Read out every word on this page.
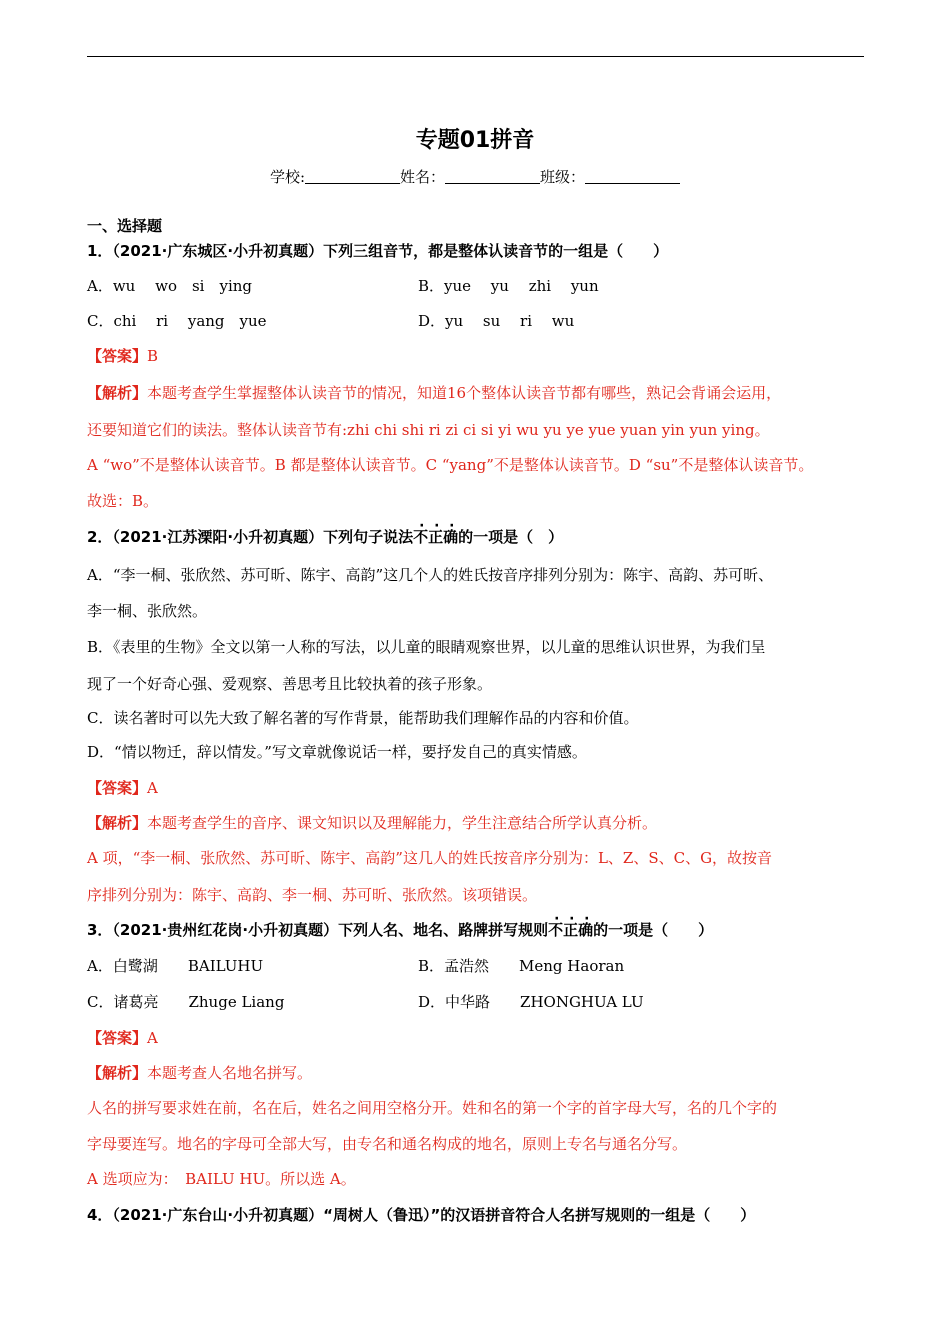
专题01拼音
学校:	姓名：	班级：
一、选择题
1．（2021·广东城区·小升初真题）下列三组音节，都是整体认读音节的一组是（　　）
A．wu　 wo　si　ying	B．yue　 yu　 zhi　 yun
C．chi　 ri　 yang　yue	D．yu　 su　 ri　 wu
【答案】B
【解析】本题考查学生掌握整体认读音节的情况，知道16个整体认读音节都有哪些，熟记会背诵会运用，
还要知道它们的读法。整体认读音节有:zhi chi shi ri zi ci si yi wu yu ye yue yuan yin yun ying。
A “wo”不是整体认读音节。B 都是整体认读音节。C “yang”不是整体认读音节。D “su”不是整体认读音节。
故选：B。
2．（2021·江苏溧阳·小升初真题）下列句子说法不正确的一项是（　）
A．“李一桐、张欣然、苏可昕、陈宇、高韵”这几个人的姓氏按音序排列分别为：陈宇、高韵、苏可昕、
李一桐、张欣然。
B．《表里的生物》全文以第一人称的写法，以儿童的眼睛观察世界，以儿童的思维认识世界，为我们呈
现了一个好奇心强、爱观察、善思考且比较执着的孩子形象。
C．读名著时可以先大致了解名著的写作背景，能帮助我们理解作品的内容和价值。
D．“情以物迁，辞以情发。”写文章就像说话一样，要抒发自己的真实情感。
【答案】A
【解析】本题考查学生的音序、课文知识以及理解能力，学生注意结合所学认真分析。
A 项，“李一桐、张欣然、苏可昕、陈宇、高韵”这几人的姓氏按音序分别为：L、Z、S、C、G，故按音
序排列分别为：陈宇、高韵、李一桐、苏可昕、张欣然。该项错误。
3．（2021·贵州红花岗·小升初真题）下列人名、地名、路牌拼写规则不正确的一项是（　　）
A．白鹭湖　　BAILUHU	B．孟浩然　　Meng Haoran
C．诸葛亮　　Zhuge Liang	D．中华路　　ZHONGHUA LU
【答案】A
【解析】本题考查人名地名拼写。
人名的拼写要求姓在前，名在后，姓名之间用空格分开。姓和名的第一个字的首字母大写，名的几个字的
字母要连写。地名的字母可全部大写，由专名和通名构成的地名，原则上专名与通名分写。
A 选项应为：　BAILU HU。所以选 A。
4．（2021·广东台山·小升初真题）“周树人（鲁迅）”的汉语拼音符合人名拼写规则的一组是（　　）
